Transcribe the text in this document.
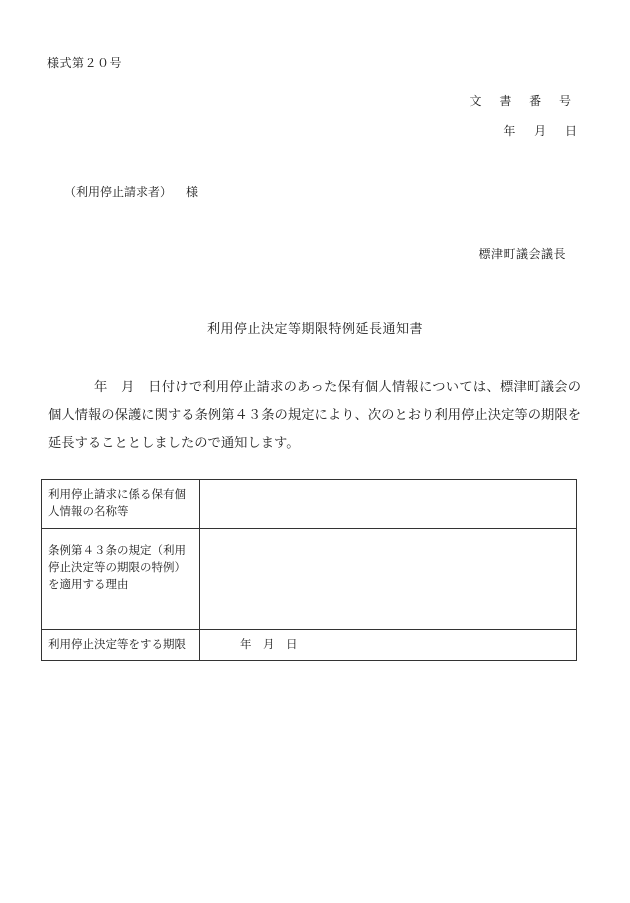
様式第２０号
文 書 番 号
年　 月　 日
（利用停止請求者） 様
標津町議会議長
利用停止決定等期限特例延長通知書
年　月　日付けで利用停止請求のあった保有個人情報については、標津町議会の個人情報の保護に関する条例第４３条の規定により、次のとおり利用停止決定等の期限を延長することとしましたので通知します。
利用停止請求に係る保有個人情報の名称等	
条例第４３条の規定（利用停止決定等の期限の特例）を適用する理由	
利用停止決定等をする期限	年　月　日
